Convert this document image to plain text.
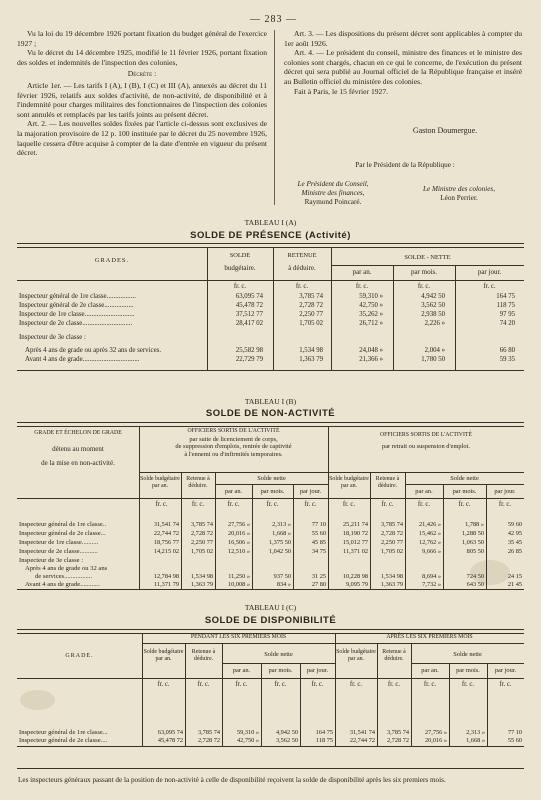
— 283 —

Vu la loi du 19 décembre 1926 portant fixation du budget général de l'exercice 1927 ;

Vu le décret du 14 décembre 1925, modifié le 11 février 1926, portant fixation des soldes et indemnités de l'inspection des colonies,

Décrète :

Article 1er. — Les tarifs I (A), I (B), I (C) et III (A), annexés au décret du 11 février 1926, relatifs aux soldes d'activité, de non-activité, de disponibilité et à l'indemnité pour charges militaires des fonctionnaires de l'inspection des colonies sont annulés et remplacés par les tarifs joints au présent décret.

Art. 2. — Les nouvelles soldes fixées par l'article ci-dessus sont exclusives de la majoration provisoire de 12 p. 100 instituée par le décret du 25 novembre 1926, laquelle cessera d'être acquise à compter de la date d'entrée en vigueur du présent décret.

Art. 3. — Les dispositions du présent décret sont applicables à compter du 1er août 1926.

Art. 4. — Le président du conseil, ministre des finances et le ministre des colonies sont chargés, chacun en ce qui le concerne, de l'exécution du présent décret qui sera publié au Journal officiel de la République française et inséré au Bulletin officiel du ministère des colonies.

Fait à Paris, le 15 février 1927.

Gaston Doumergue.
Par le Président de la République :
Le Président du Conseil,
Ministre des finances,
Raymond Poincaré.
Le Ministre des colonies,
Léon Perrier.
TABLEAU I (A)
SOLDE DE PRÉSENCE (Activité)
GRADES.
SOLDE
budgétaire.
RETENUE
à déduire.
SOLDE - NETTE
par an.	par mois.	par jour.
fr. c.	fr. c.	fr. c.	fr. c.	fr. c.
Inspecteur général de 1re classe.................	63,095 74	3,785 74	59,310 »	4,942 50	164 75
Inspecteur général de 2e classe.................	45,478 72	2,728 72	42,750 »	3,562 50	118 75
Inspecteur de 1re classe.............................	37,512 77	2,250 77	35,262 »	2,938 50	97 95
Inspecteur de 2e classe.............................	28,417 02	1,705 02	26,712 »	2,226 »	74 20
Inspecteur de 3e classe :
Après 4 ans de grade ou après 32 ans de services.	25,582 98	1,534 98	24,048 »	2,004 »	66 80
Avant 4 ans de grade.................................	22,729 79	1,363 79	21,366 »	1,780 50	59 35
TABLEAU I (B)
SOLDE DE NON-ACTIVITÉ
GRADE ET ÉCHELON DE GRADE
détenu au moment
de la mise en non-activité.
OFFICIERS SORTIS DE L'ACTIVITÉ
par suite de licenciement de corps,
de suppression d'emplois, rentrée de captivité
à l'ennemi ou d'infirmités temporaires.
OFFICIERS SORTIS DE L'ACTIVITÉ
par retrait ou suspension d'emploi.
Solde budgétaire par an.
Retenue à déduire.
Solde nette
par an.	par mois.	par jour.
Solde budgétaire par an.
Retenue à déduire.
Solde nette
par an.	par mois.	par jour.
fr. c.	fr. c.	fr. c.	fr. c.	fr. c.	fr. c.	fr. c.	fr. c.	fr. c.	fr. c.
Inspecteur général de 1re classe..	31,541 74	3,785 74	27,756 »	2,313 »	77 10	25,211 74	3,785 74	21,426 »	1,788 »	59 60
Inspecteur général de 2e classe...	22,744 72	2,728 72	20,016 »	1,668 »	55 60	18,190 72	2,728 72	15,462 »	1,288 50	42 95
Inspecteur de 1re classe..........	18,756 77	2,250 77	16,506 »	1,375 50	45 85	15,012 77	2,250 77	12,762 »	1,063 50	35 45
Inspecteur de 2e classe...........	14,215 02	1,705 02	12,510 »	1,042 50	34 75	11,371 02	1,705 02	9,666 »	805 50	26 85
Inspecteur de 3e classe :
Après 4 ans de grade ou 32 ans
de services.................	12,784 98	1,534 98	11,250 »	937 50	31 25	10,228 98	1,534 98	8,694 »	724 50	24 15
Avant 4 ans de grade............	11,371 79	1,363 79	10,008 »	834 »	27 80	9,095 79	1,363 79	7,732 »	643 50	21 45
TABLEAU I (C)
SOLDE DE DISPONIBILITÉ
GRADE.
PENDANT LES SIX PREMIERS MOIS	APRÈS LES SIX PREMIERS MOIS
Solde budgétaire par an.
Retenue à déduire.
Solde nette
par an.	par mois.	par jour.
Solde budgétaire par an.
Retenue à déduire.
Solde nette
par an.	par mois.	par jour.
fr. c.	fr. c.	fr. c.	fr. c.	fr. c.	fr. c.	fr. c.	fr. c.	fr. c.	fr. c.
Inspecteur général de 1re classe...	63,095 74	3,785 74	59,310 »	4,942 50	164 75	31,541 74	3,785 74	27,756 »	2,313 »	77 10
Inspecteur général de 2e classe....	45,478 72	2,728 72	42,750 »	3,562 50	118 75	22,744 72	2,728 72	20,016 »	1,668 »	55 60
Les inspecteurs généraux passant de la position de non-activité à celle de disponibilité reçoivent la solde de disponibilité après les six premiers mois.
